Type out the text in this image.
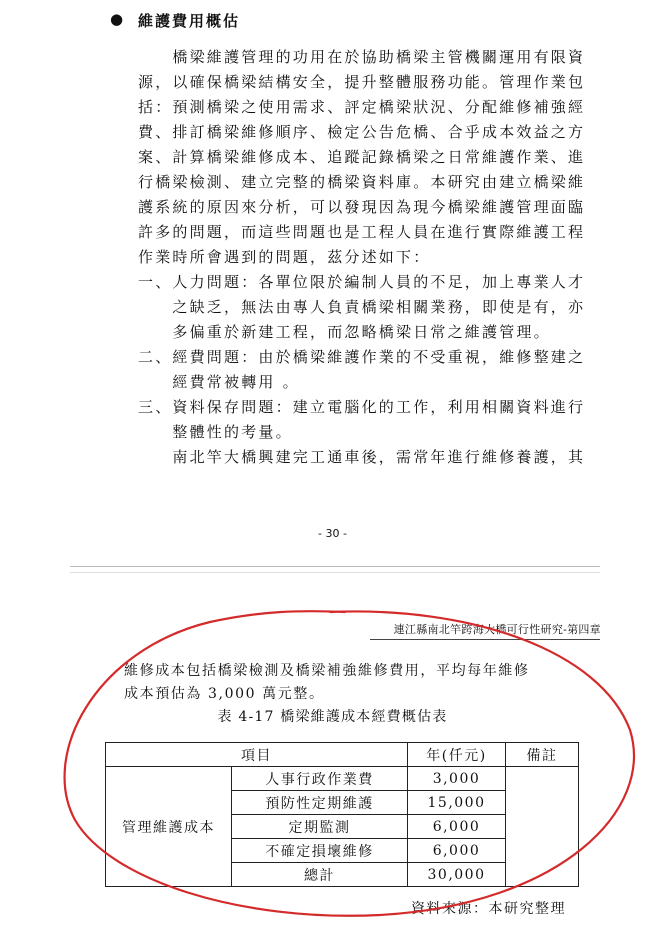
● 維護費用概估
　　橋梁維護管理的功用在於協助橋梁主管機關運用有限資
源，以確保橋梁結構安全，提升整體服務功能。管理作業包
括：預測橋梁之使用需求、評定橋梁狀況、分配維修補強經
費、排訂橋梁維修順序、檢定公告危橋、合乎成本效益之方
案、計算橋梁維修成本、追蹤記錄橋梁之日常維護作業、進
行橋梁檢測、建立完整的橋梁資料庫。本研究由建立橋梁維
護系統的原因來分析，可以發現因為現今橋梁維護管理面臨
許多的問題，而這些問題也是工程人員在進行實際維護工程
作業時所會遇到的問題，茲分述如下：
一、人力問題：各單位限於編制人員的不足，加上專業人才
　　之缺乏，無法由專人負責橋梁相關業務，即使是有，亦
　　多偏重於新建工程，而忽略橋梁日常之維護管理。
二、經費問題：由於橋梁維護作業的不受重視，維修整建之
　　經費常被轉用 。
三、資料保存問題：建立電腦化的工作，利用相關資料進行
　　整體性的考量。
　　南北竿大橋興建完工通車後，需常年進行維修養護，其
- 30 -
連江縣南北竿跨海大橋可行性研究-第四章
維修成本包括橋梁檢測及橋梁補強維修費用，平均每年維修
成本預估為 3,000 萬元整。
表 4-17 橋梁維護成本經費概估表
項目		年(仟元)	備註
管理維護成本	人事行政作業費	3,000	
	預防性定期維護	15,000	
	定期監測	6,000	
	不確定損壞維修	6,000	
	總計	30,000	
資料來源：本研究整理
